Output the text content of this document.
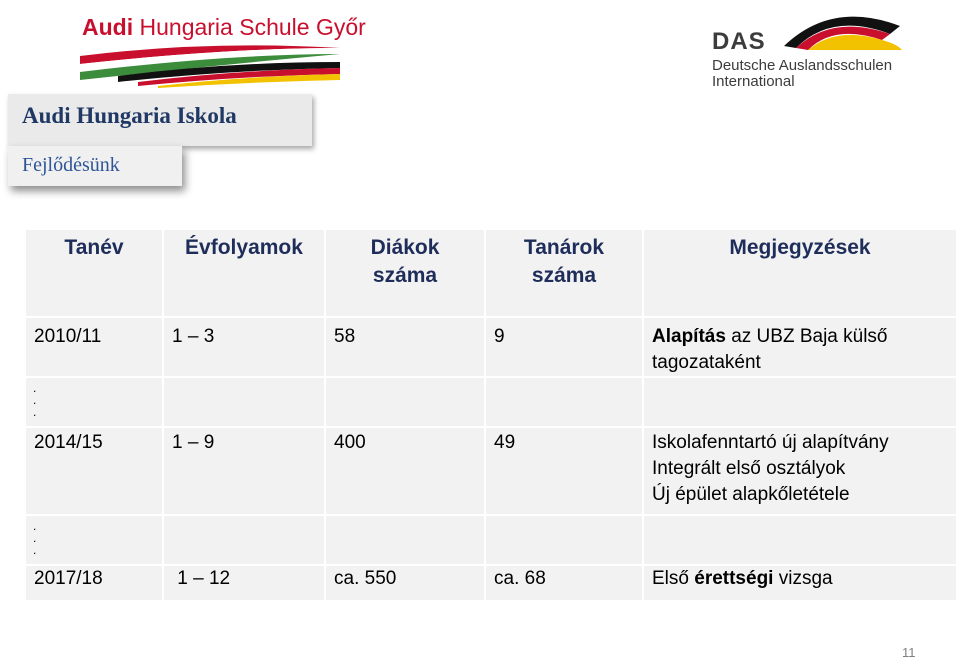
Audi Hungaria Schule Győr
DAS
Deutsche Auslandsschulen
International
Audi Hungaria Iskola
Fejlődésünk
Tanév	Évfolyamok	Diákok száma	Tanárok száma	Megjegyzések
2010/11	1 – 3	58	9	Alapítás az UBZ Baja külső tagozataként

.
.
.				

2014/15	1 – 9	400	49	Iskolafenntartó új alapítvány
Integrált első osztályok
Új épület alapkőletétele

.
.
.				

2017/18	1 – 12	ca. 550	ca. 68	Első érettségi vizsga
11
